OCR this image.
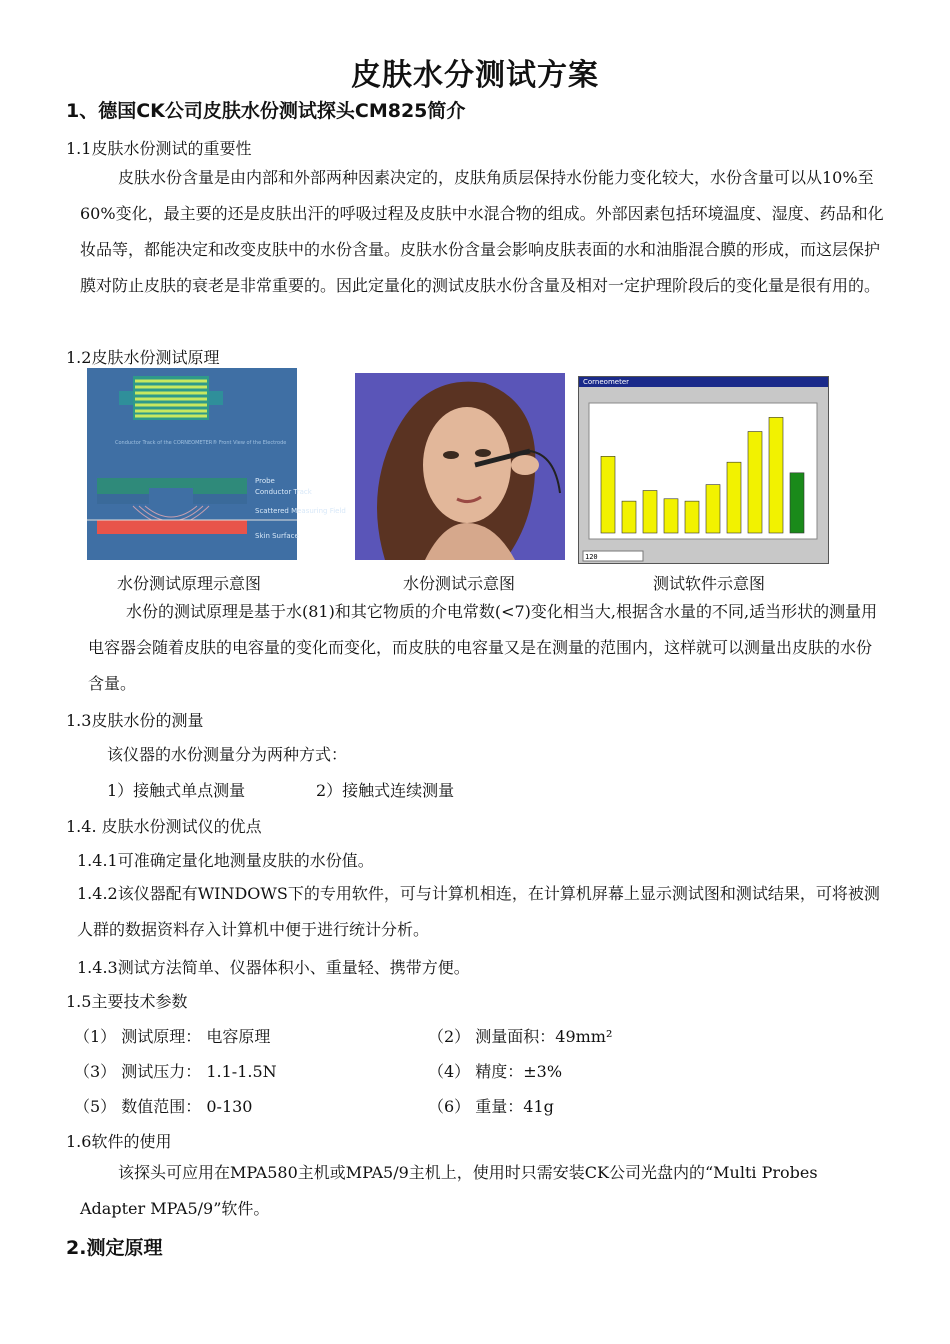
皮肤水分测试方案
1、德国CK公司皮肤水份测试探头CM825简介
1.1皮肤水份测试的重要性
皮肤水份含量是由内部和外部两种因素决定的，皮肤角质层保持水份能力变化较大，水份含量可以从10%至60%变化，最主要的还是皮肤出汗的呼吸过程及皮肤中水混合物的组成。外部因素包括环境温度、湿度、药品和化妆品等，都能决定和改变皮肤中的水份含量。皮肤水份含量会影响皮肤表面的水和油脂混合膜的形成，而这层保护膜对防止皮肤的衰老是非常重要的。因此定量化的测试皮肤水份含量及相对一定护理阶段后的变化量是很有用的。
1.2皮肤水份测试原理
Conductor Track of the CORNEOMETER® Front View of the Electrode
Probe
Conductor Track
Scattered Measuring Field
Skin Surface
Corneometer
120
水份测试原理示意图	水份测试示意图	测试软件示意图
水份的测试原理是基于水(81)和其它物质的介电常数(<7)变化相当大,根据含水量的不同,适当形状的测量用电容器会随着皮肤的电容量的变化而变化，而皮肤的电容量又是在测量的范围内，这样就可以测量出皮肤的水份含量。
1.3皮肤水份的测量
该仪器的水份测量分为两种方式：
1）接触式单点测量	2）接触式连续测量
1.4. 皮肤水份测试仪的优点
1.4.1可准确定量化地测量皮肤的水份值。
1.4.2该仪器配有WINDOWS下的专用软件，可与计算机相连，在计算机屏幕上显示测试图和测试结果，可将被测人群的数据资料存入计算机中便于进行统计分析。
1.4.3测试方法简单、仪器体积小、重量轻、携带方便。
1.5主要技术参数
（1） 测试原理： 电容原理	（2） 测量面积：49mm²
（3） 测试压力： 1.1-1.5N	（4） 精度：±3%
（5） 数值范围： 0-130	（6） 重量：41g
1.6软件的使用
该探头可应用在MPA580主机或MPA5/9主机上，使用时只需安装CK公司光盘内的“Multi Probes Adapter MPA5/9”软件。
2.测定原理
